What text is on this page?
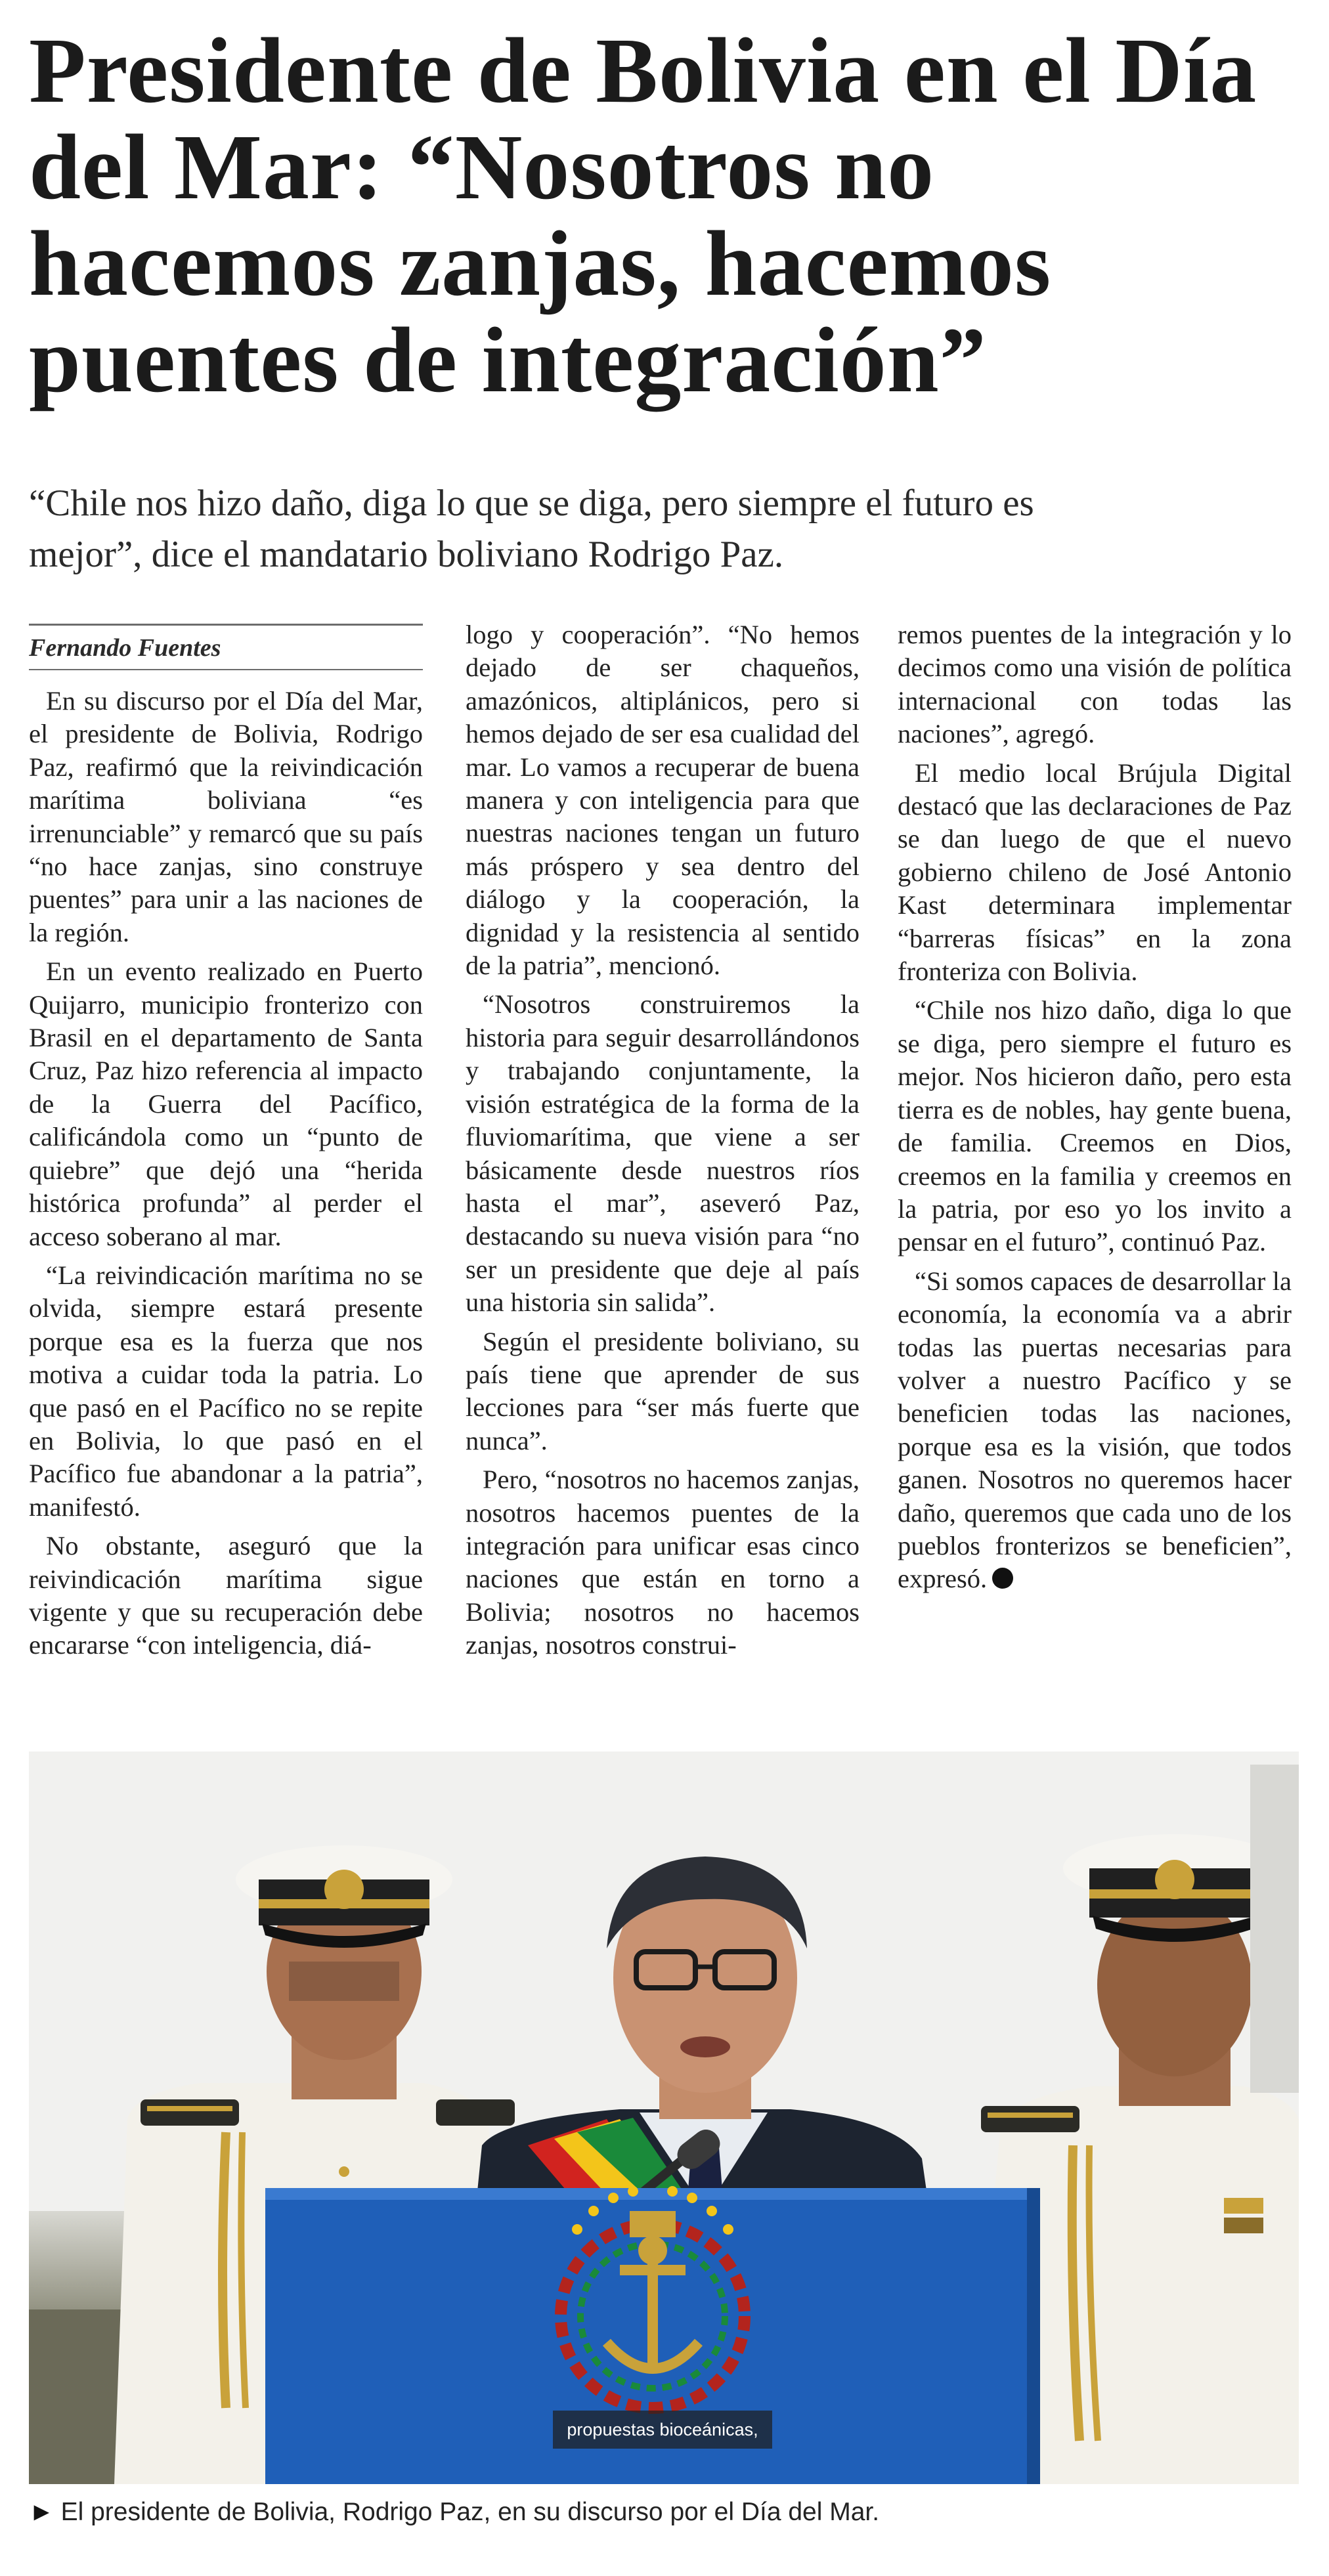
Presidente de Bolivia en el Día del Mar: “Nosotros no hacemos zanjas, hacemos puentes de integración”

“Chile nos hizo daño, diga lo que se diga, pero siempre el futuro es mejor”, dice el mandatario boliviano Rodrigo Paz.

Fernando Fuentes

En su discurso por el Día del Mar, el presidente de Bolivia, Rodrigo Paz, reafirmó que la reivindicación marítima boliviana “es irrenunciable” y remarcó que su país “no hace zanjas, sino construye puentes” para unir a las naciones de la región.

En un evento realizado en Puerto Quijarro, municipio fronterizo con Brasil en el departamento de Santa Cruz, Paz hizo referencia al impacto de la Guerra del Pacífico, calificándola como un “punto de quiebre” que dejó una “herida histórica profunda” al perder el acceso soberano al mar.

“La reivindicación marítima no se olvida, siempre estará presente porque esa es la fuerza que nos motiva a cuidar toda la patria. Lo que pasó en el Pacífico no se repite en Bolivia, lo que pasó en el Pacífico fue abandonar a la patria”, manifestó.

No obstante, aseguró que la reivindicación marítima sigue vigente y que su recuperación debe encararse “con inteligencia, diá-

logo y cooperación”. “No hemos dejado de ser chaqueños, amazónicos, altiplánicos, pero si hemos dejado de ser esa cualidad del mar. Lo vamos a recuperar de buena manera y con inteligencia para que nuestras naciones tengan un futuro más próspero y sea dentro del diálogo y la cooperación, la dignidad y la resistencia al sentido de la patria”, mencionó.

“Nosotros construiremos la historia para seguir desarrollándonos y trabajando conjuntamente, la visión estratégica de la forma de la fluviomarítima, que viene a ser básicamente desde nuestros ríos hasta el mar”, aseveró Paz, destacando su nueva visión para “no ser un presidente que deje al país una historia sin salida”.

Según el presidente boliviano, su país tiene que aprender de sus lecciones para “ser más fuerte que nunca”.

Pero, “nosotros no hacemos zanjas, nosotros hacemos puentes de la integración para unificar esas cinco naciones que están en torno a Bolivia; nosotros no hacemos zanjas, nosotros construi-

remos puentes de la integración y lo decimos como una visión de política internacional con todas las naciones”, agregó.

El medio local Brújula Digital destacó que las declaraciones de Paz se dan luego de que el nuevo gobierno chileno de José Antonio Kast determinara implementar “barreras físicas” en la zona fronteriza con Bolivia.

“Chile nos hizo daño, diga lo que se diga, pero siempre el futuro es mejor. Nos hicieron daño, pero esta tierra es de nobles, hay gente buena, de familia. Creemos en Dios, creemos en la familia y creemos en la patria, por eso yo los invito a pensar en el futuro”, continuó Paz.

“Si somos capaces de desarrollar la economía, la economía va a abrir todas las puertas necesarias para volver a nuestro Pacífico y se beneficien todas las naciones, porque esa es la visión, que todos ganen. Nosotros no queremos hacer daño, queremos que cada uno de los pueblos fronterizos se beneficien”, expresó.

propuestas bioceánicas,
► El presidente de Bolivia, Rodrigo Paz, en su discurso por el Día del Mar.
